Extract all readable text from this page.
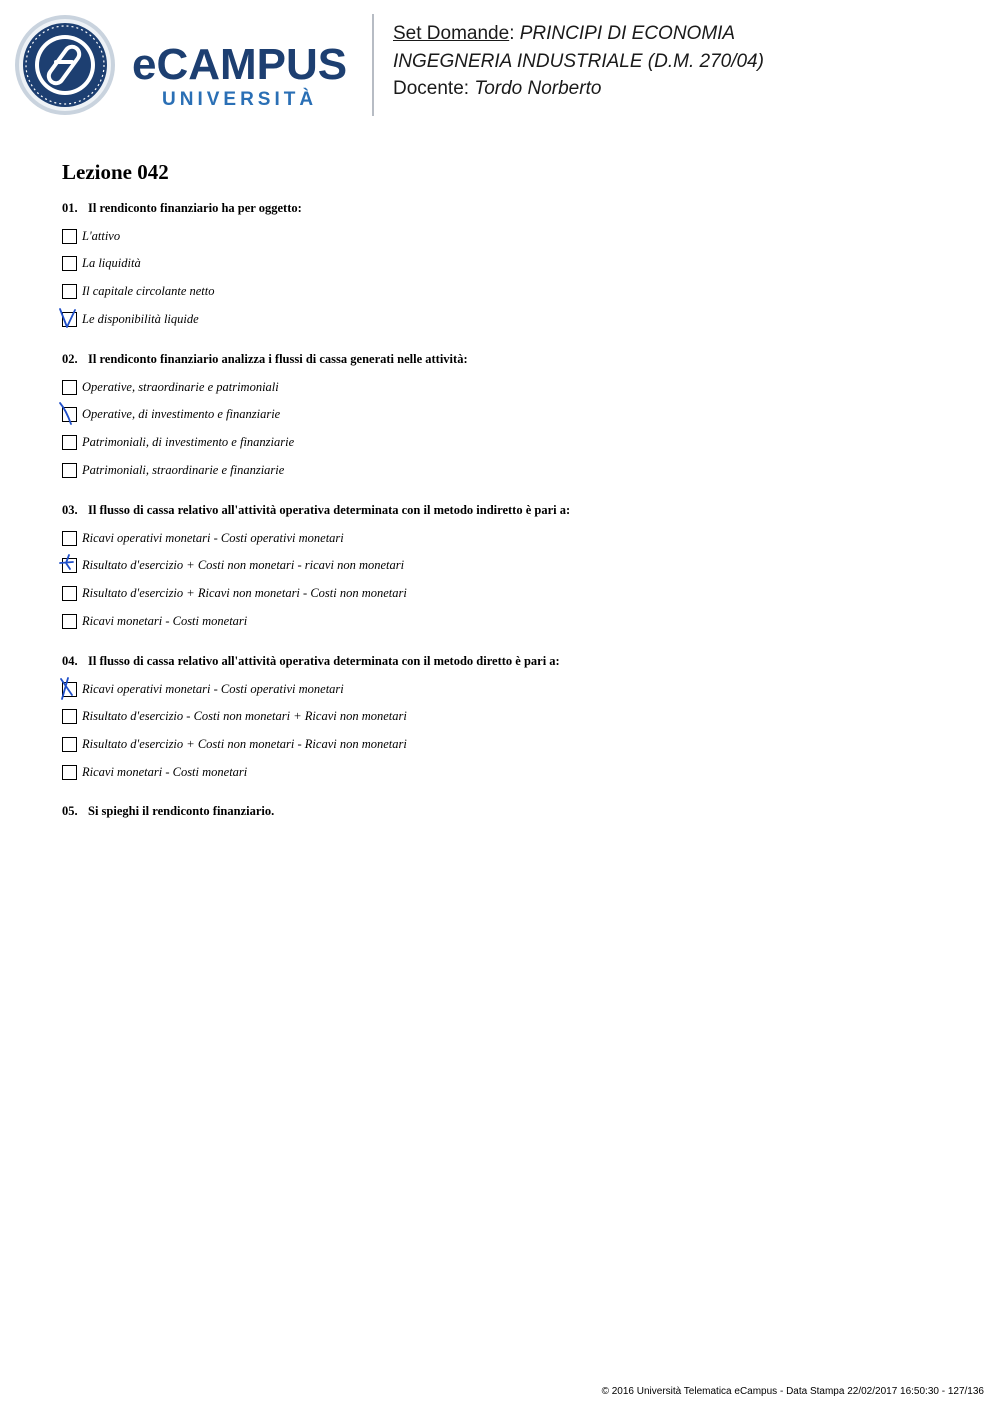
eCAMPUS
UNIVERSITÀ
Set Domande: PRINCIPI DI ECONOMIA
INGEGNERIA INDUSTRIALE (D.M. 270/04)
Docente: Tordo Norberto
Lezione 042
01. Il rendiconto finanziario ha per oggetto:
L'attivo
La liquidità
Il capitale circolante netto
Le disponibilità liquide
02. Il rendiconto finanziario analizza i flussi di cassa generati nelle attività:
Operative, straordinarie e patrimoniali
Operative, di investimento e finanziarie
Patrimoniali, di investimento e finanziarie
Patrimoniali, straordinarie e finanziarie
03. Il flusso di cassa relativo all'attività operativa determinata con il metodo indiretto è pari a:
Ricavi operativi monetari - Costi operativi monetari
Risultato d'esercizio + Costi non monetari - ricavi non monetari
Risultato d'esercizio + Ricavi non monetari - Costi non monetari
Ricavi monetari - Costi monetari
04. Il flusso di cassa relativo all'attività operativa determinata con il metodo diretto è pari a:
Ricavi operativi monetari - Costi operativi monetari
Risultato d'esercizio - Costi non monetari + Ricavi non monetari
Risultato d'esercizio + Costi non monetari - Ricavi non monetari
Ricavi monetari - Costi monetari
05. Si spieghi il rendiconto finanziario.
© 2016 Università Telematica eCampus - Data Stampa 22/02/2017 16:50:30 - 127/136
